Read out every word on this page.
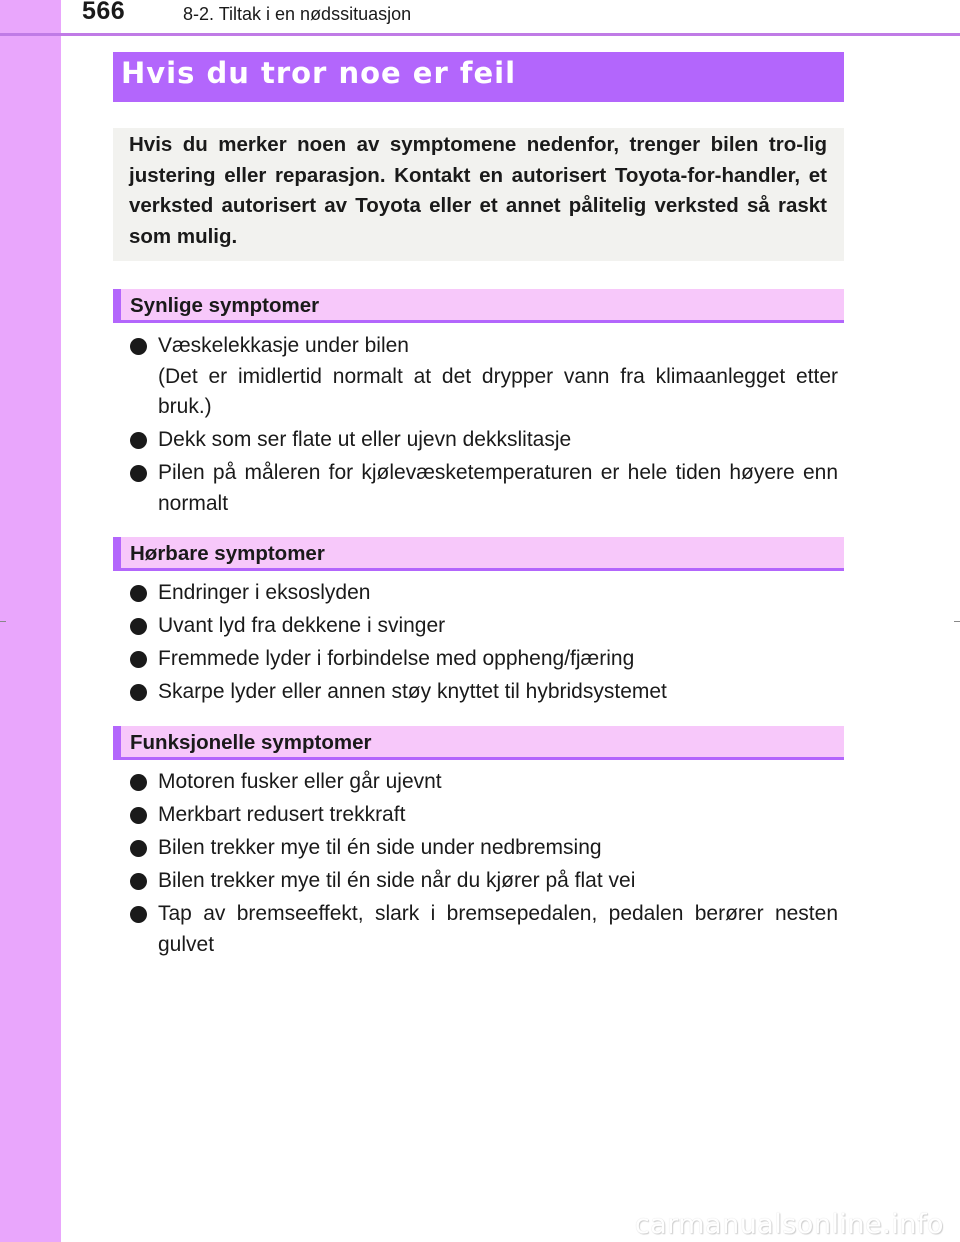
566	8-2. Tiltak i en nødssituasjon
Hvis du tror noe er feil
Hvis du merker noen av symptomene nedenfor, trenger bilen tro-lig justering eller reparasjon. Kontakt en autorisert Toyota-for-handler, et verksted autorisert av Toyota eller et annet pålitelig verksted så raskt som mulig.
Synlige symptomer
Væskelekkasje under bilen
(Det er imidlertid normalt at det drypper vann fra klimaanlegget etter bruk.)
Dekk som ser flate ut eller ujevn dekkslitasje
Pilen på måleren for kjølevæsketemperaturen er hele tiden høyere enn normalt
Hørbare symptomer
Endringer i eksoslyden
Uvant lyd fra dekkene i svinger
Fremmede lyder i forbindelse med oppheng/fjæring
Skarpe lyder eller annen støy knyttet til hybridsystemet
Funksjonelle symptomer
Motoren fusker eller går ujevnt
Merkbart redusert trekkraft
Bilen trekker mye til én side under nedbremsing
Bilen trekker mye til én side når du kjører på flat vei
Tap av bremseeffekt, slark i bremsepedalen, pedalen berører nesten gulvet
carmanualsonline.info
